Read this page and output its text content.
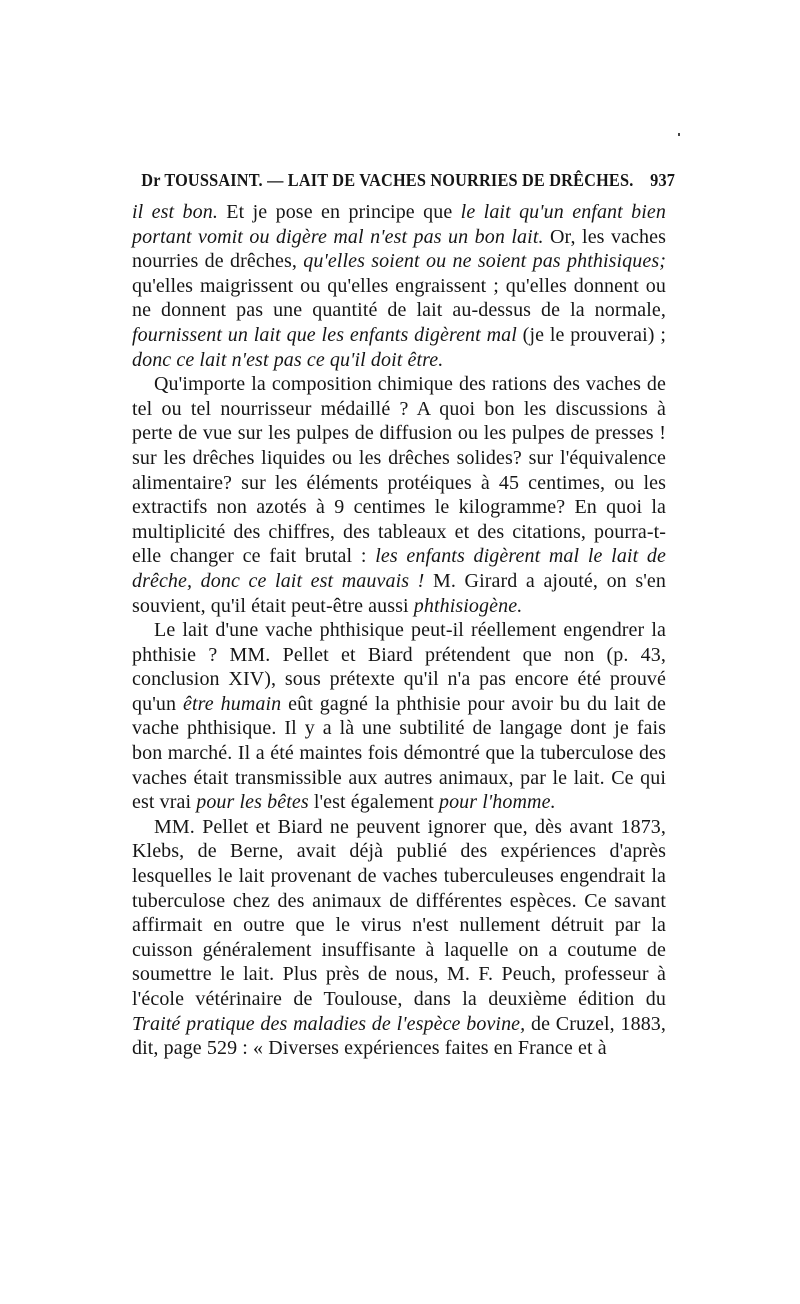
Dr TOUSSAINT. — LAIT DE VACHES NOURRIES DE DRÊCHES. 937

il est bon. Et je pose en principe que le lait qu'un enfant bien portant vomit ou digère mal n'est pas un bon lait. Or, les vaches nourries de drêches, qu'elles soient ou ne soient pas phthisiques; qu'elles maigrissent ou qu'elles engraissent ; qu'elles donnent ou ne donnent pas une quantité de lait au-dessus de la normale, fournissent un lait que les enfants digèrent mal (je le prouverai) ; donc ce lait n'est pas ce qu'il doit être.

Qu'importe la composition chimique des rations des vaches de tel ou tel nourrisseur médaillé ? A quoi bon les discussions à perte de vue sur les pulpes de diffusion ou les pulpes de presses ! sur les drêches liquides ou les drêches solides? sur l'équivalence alimentaire? sur les éléments protéiques à 45 centimes, ou les extractifs non azotés à 9 centimes le kilogramme? En quoi la multiplicité des chiffres, des tableaux et des citations, pourra-t-elle changer ce fait brutal : les enfants digèrent mal le lait de drêche, donc ce lait est mauvais ! M. Girard a ajouté, on s'en souvient, qu'il était peut-être aussi phthisiogène.

Le lait d'une vache phthisique peut-il réellement engendrer la phthisie ? MM. Pellet et Biard prétendent que non (p. 43, conclusion XIV), sous prétexte qu'il n'a pas encore été prouvé qu'un être humain eût gagné la phthisie pour avoir bu du lait de vache phthisique. Il y a là une subtilité de langage dont je fais bon marché. Il a été maintes fois démontré que la tuberculose des vaches était transmissible aux autres animaux, par le lait. Ce qui est vrai pour les bêtes l'est également pour l'homme.

MM. Pellet et Biard ne peuvent ignorer que, dès avant 1873, Klebs, de Berne, avait déjà publié des expériences d'après lesquelles le lait provenant de vaches tuberculeuses engendrait la tuberculose chez des animaux de différentes espèces. Ce savant affirmait en outre que le virus n'est nullement détruit par la cuisson généralement insuffisante à laquelle on a coutume de soumettre le lait. Plus près de nous, M. F. Peuch, professeur à l'école vétérinaire de Toulouse, dans la deuxième édition du Traité pratique des maladies de l'espèce bovine, de Cruzel, 1883, dit, page 529 : « Diverses expériences faites en France et à
